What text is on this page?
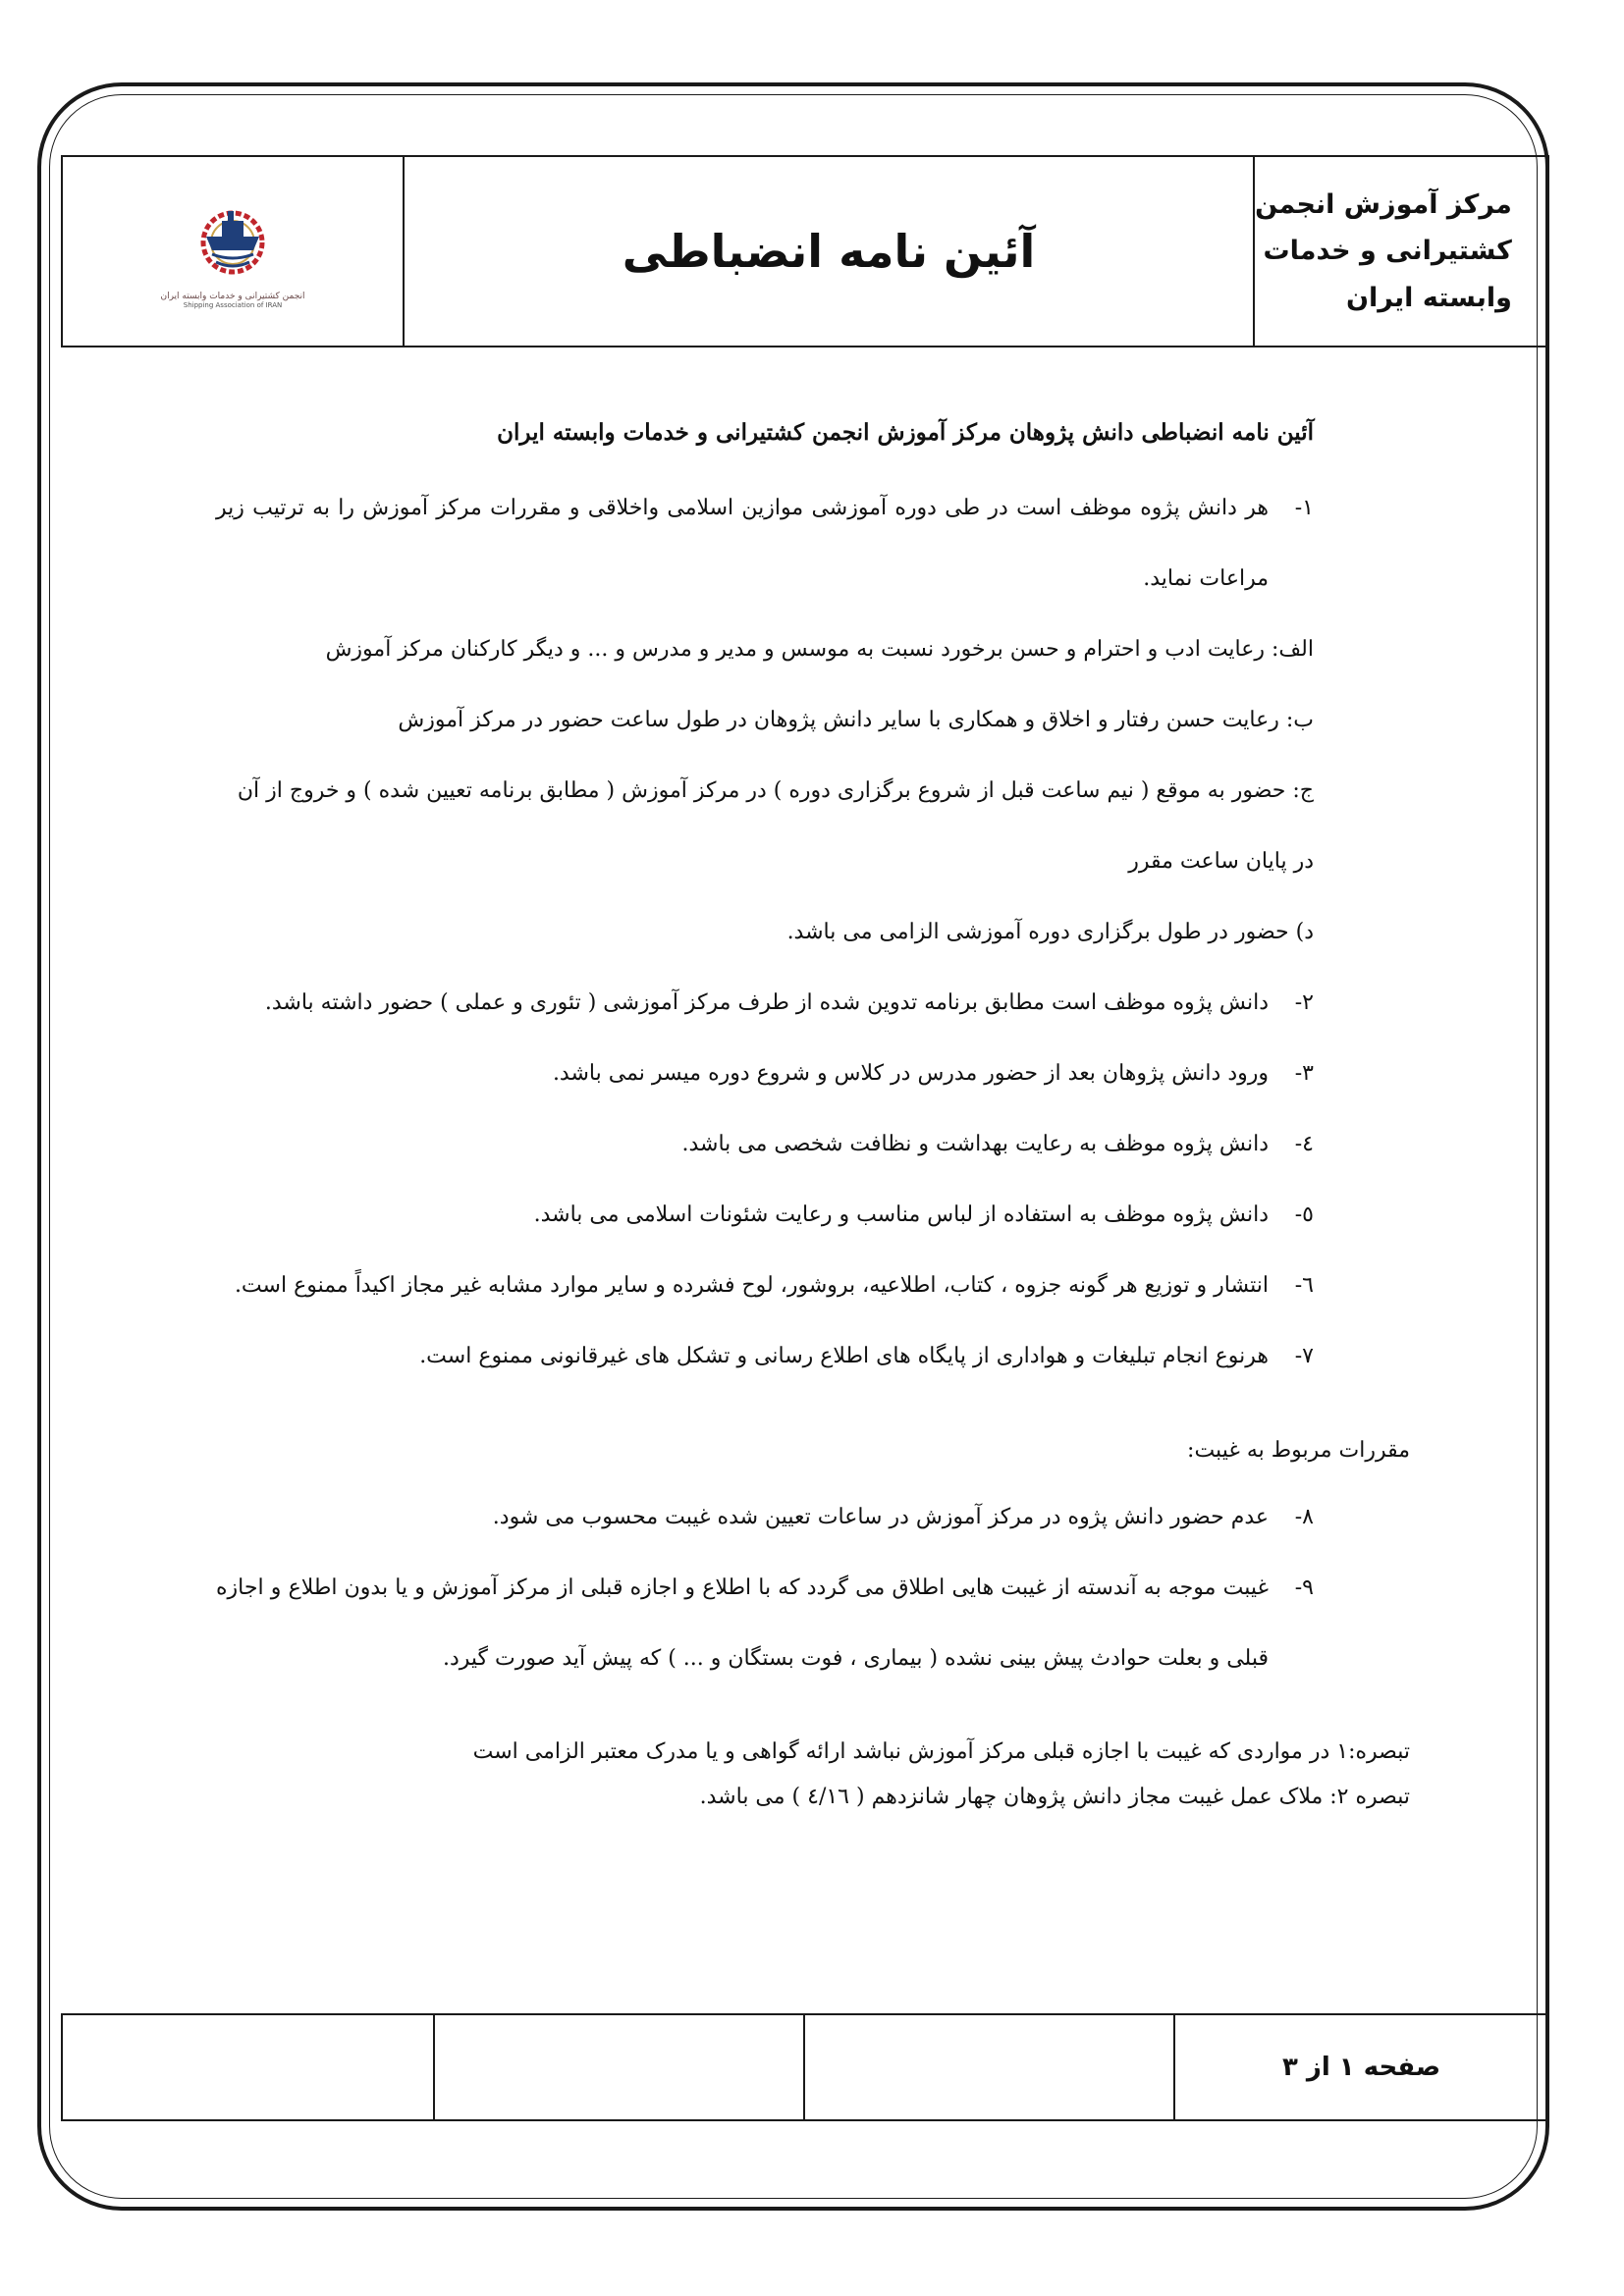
مرکز آموزش انجمن
کشتیرانی و خدمات
وابسته ایران
آئین نامه انضباطی
انجمن کشتیرانی و خدمات وابسته ایران
Shipping Association of IRAN
آئین نامه انضباطی دانش پژوهان مرکز آموزش انجمن کشتیرانی و خدمات وابسته ایران
۱-
هر دانش پژوه موظف است در طی دوره آموزشی موازین اسلامی واخلاقی و مقررات مرکز آموزش را به ترتیب زیر مراعات نماید.
الف: رعایت ادب و احترام و حسن برخورد نسبت به موسس و مدیر و مدرس و ... و دیگر کارکنان مرکز آموزش
ب: رعایت حسن رفتار و اخلاق و همکاری با سایر دانش پژوهان در طول ساعت حضور در مرکز آموزش
ج: حضور به موقع ( نیم ساعت قبل از شروع برگزاری دوره ) در مرکز آموزش ( مطابق برنامه تعیین شده ) و خروج از آن در پایان ساعت مقرر
د) حضور در طول برگزاری دوره آموزشی الزامی می باشد.
۲-
دانش پژوه موظف است مطابق برنامه تدوین شده از طرف مرکز آموزشی ( تئوری و عملی ) حضور داشته باشد.
۳-
ورود دانش پژوهان بعد از حضور مدرس در کلاس و شروع دوره میسر نمی باشد.
٤-
دانش پژوه موظف به رعایت بهداشت و نظافت شخصی می باشد.
٥-
دانش پژوه موظف به استفاده از لباس مناسب و رعایت شئونات اسلامی می باشد.
٦-
انتشار و توزیع هر گونه جزوه ، کتاب، اطلاعیه، بروشور، لوح فشرده و سایر موارد مشابه غیر مجاز اکیداً ممنوع است.
۷-
هرنوع انجام تبلیغات و هواداری از پایگاه های اطلاع رسانی و تشکل های غیرقانونی ممنوع است.
مقررات مربوط به غیبت:
۸-
عدم حضور دانش پژوه در مرکز آموزش در ساعات تعیین شده غیبت محسوب می شود.
۹-
غیبت موجه به آندسته از غیبت هایی اطلاق می گردد که با اطلاع و اجازه قبلی از مرکز آموزش و یا بدون اطلاع و اجازه قبلی و بعلت حوادث پیش بینی نشده ( بیماری ، فوت بستگان و ... ) که پیش آید صورت گیرد.
تبصره:۱ در مواردی که غیبت با اجازه قبلی مرکز آموزش نباشد ارائه گواهی و یا مدرک معتبر الزامی است
تبصره ۲: ملاک عمل غیبت مجاز دانش پژوهان چهار شانزدهم ( ٤/١٦ ) می باشد.
صفحه ۱ از ۳
